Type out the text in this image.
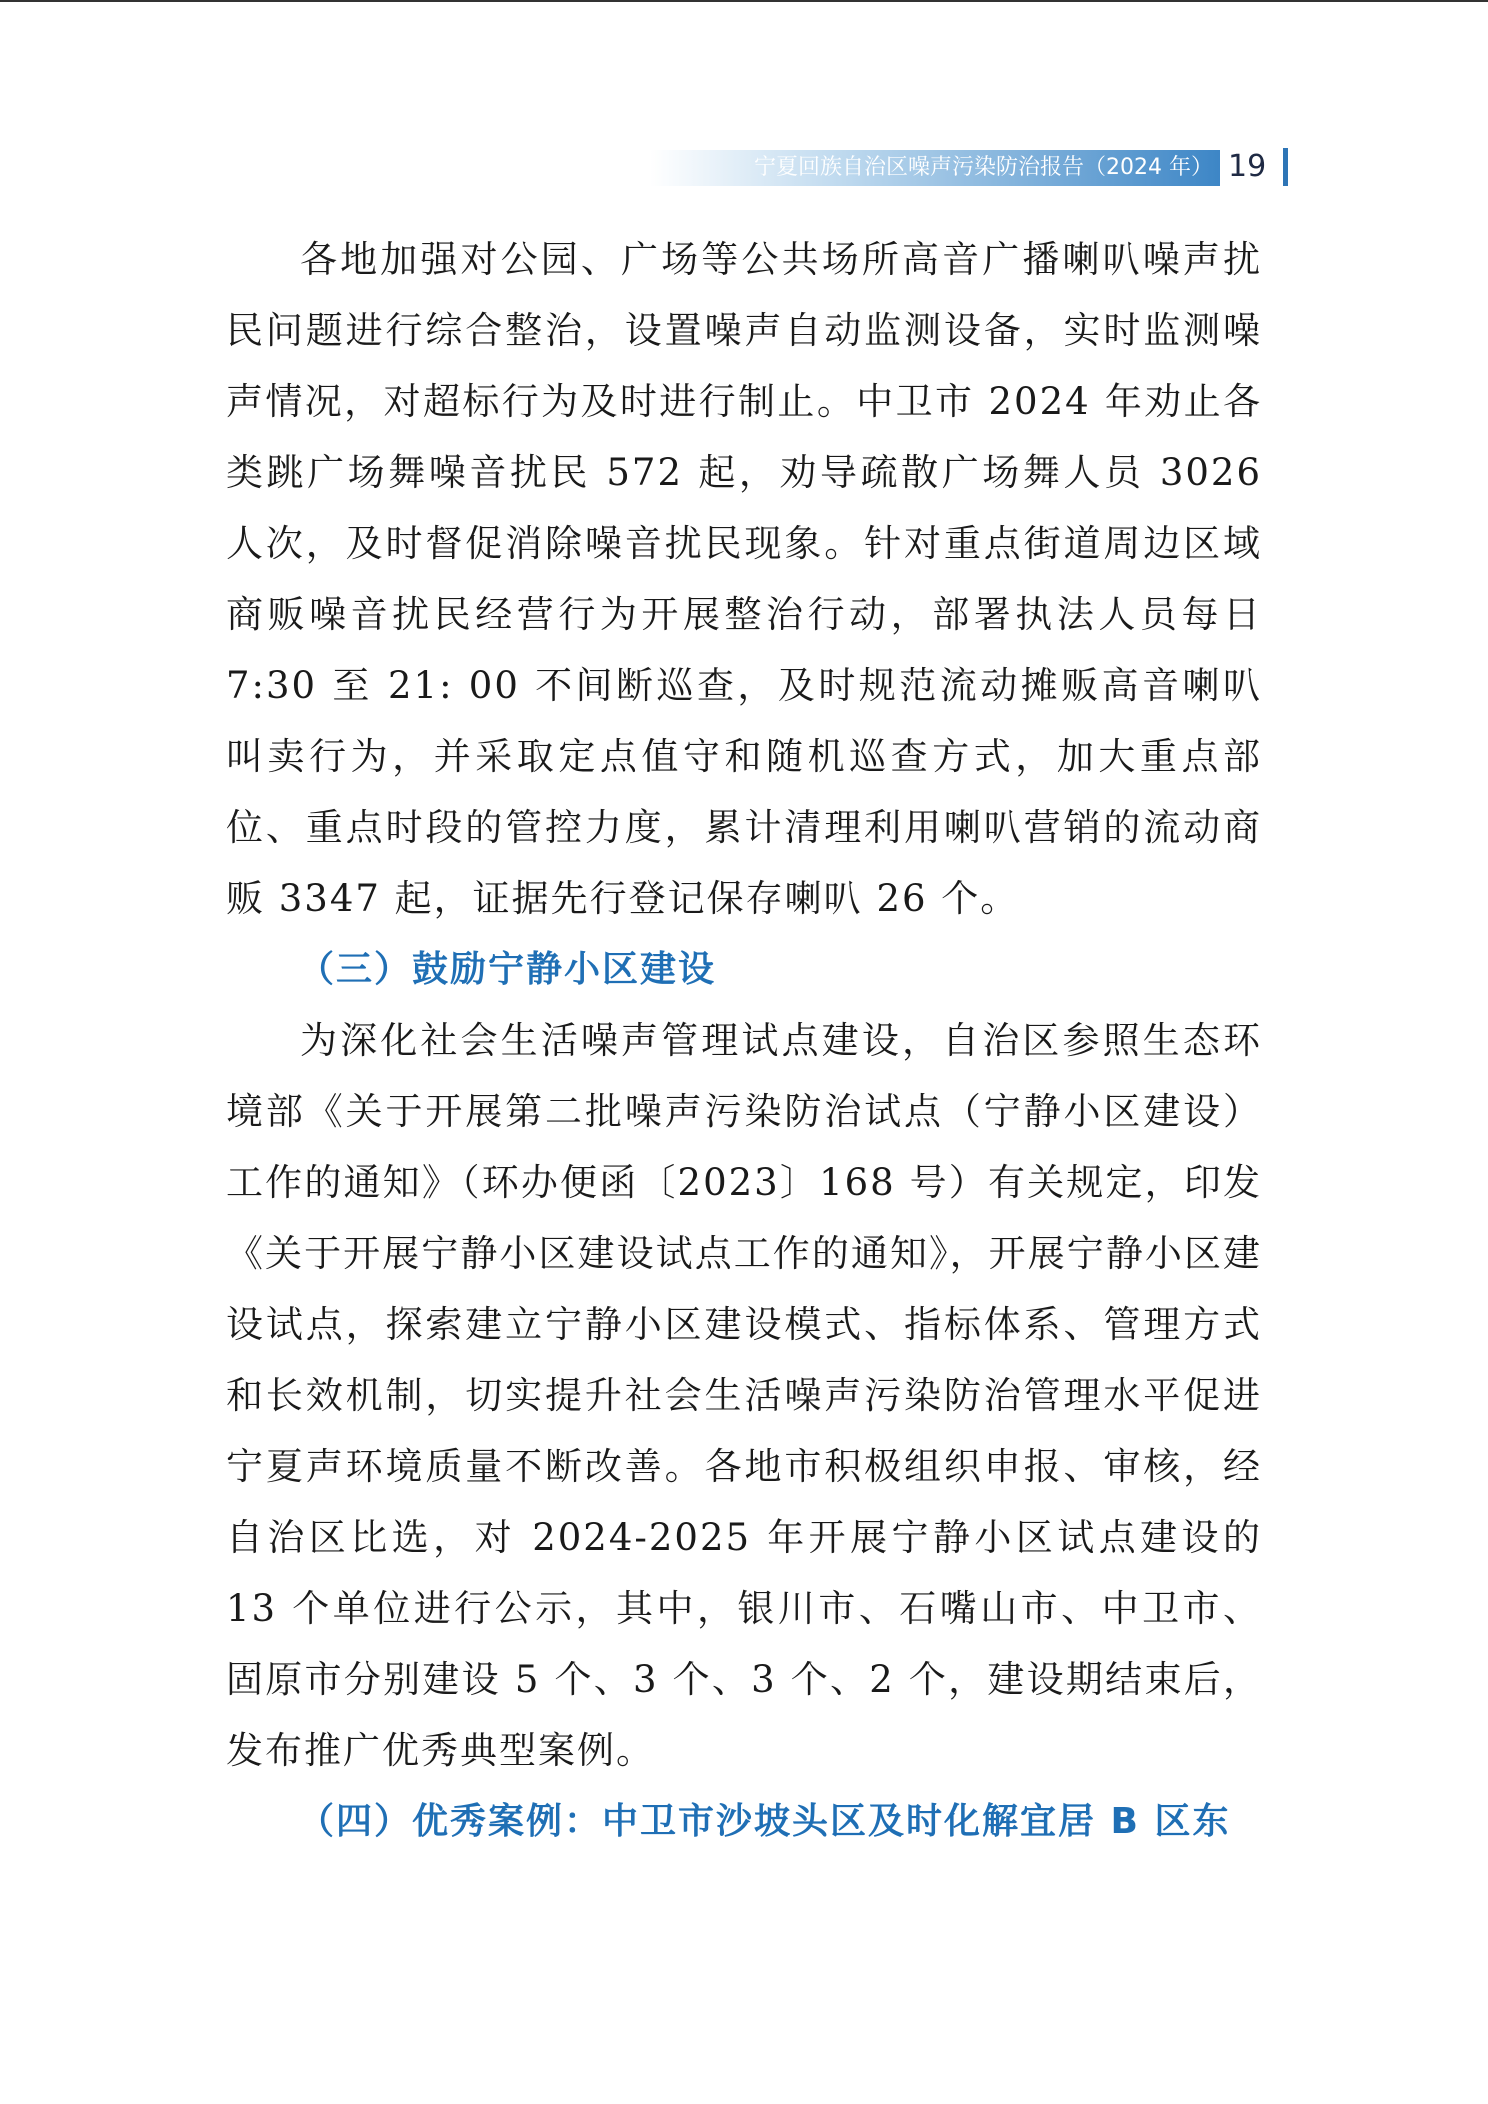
宁夏回族自治区噪声污染防治报告（2024 年） 19

各地加强对公园、广场等公共场所高音广播喇叭噪声扰民问题进行综合整治，设置噪声自动监测设备，实时监测噪声情况，对超标行为及时进行制止。中卫市 2024 年劝止各类跳广场舞噪音扰民 572 起，劝导疏散广场舞人员 3026 人次，及时督促消除噪音扰民现象。针对重点街道周边区域商贩噪音扰民经营行为开展整治行动，部署执法人员每日 7:30 至 21: 00 不间断巡查，及时规范流动摊贩高音喇叭叫卖行为，并采取定点值守和随机巡查方式，加大重点部位、重点时段的管控力度，累计清理利用喇叭营销的流动商贩 3347 起，证据先行登记保存喇叭 26 个。

（三）鼓励宁静小区建设

为深化社会生活噪声管理试点建设，自治区参照生态环境部《关于开展第二批噪声污染防治试点（宁静小区建设）工作的通知》（环办便函〔2023〕168 号）有关规定，印发《关于开展宁静小区建设试点工作的通知》，开展宁静小区建设试点，探索建立宁静小区建设模式、指标体系、管理方式和长效机制，切实提升社会生活噪声污染防治管理水平促进宁夏声环境质量不断改善。各地市积极组织申报、审核，经自治区比选，对 2024-2025 年开展宁静小区试点建设的 13 个单位进行公示，其中，银川市、石嘴山市、中卫市、固原市分别建设 5 个、3 个、3 个、2 个，建设期结束后，发布推广优秀典型案例。

（四）优秀案例：中卫市沙坡头区及时化解宜居 B 区东
